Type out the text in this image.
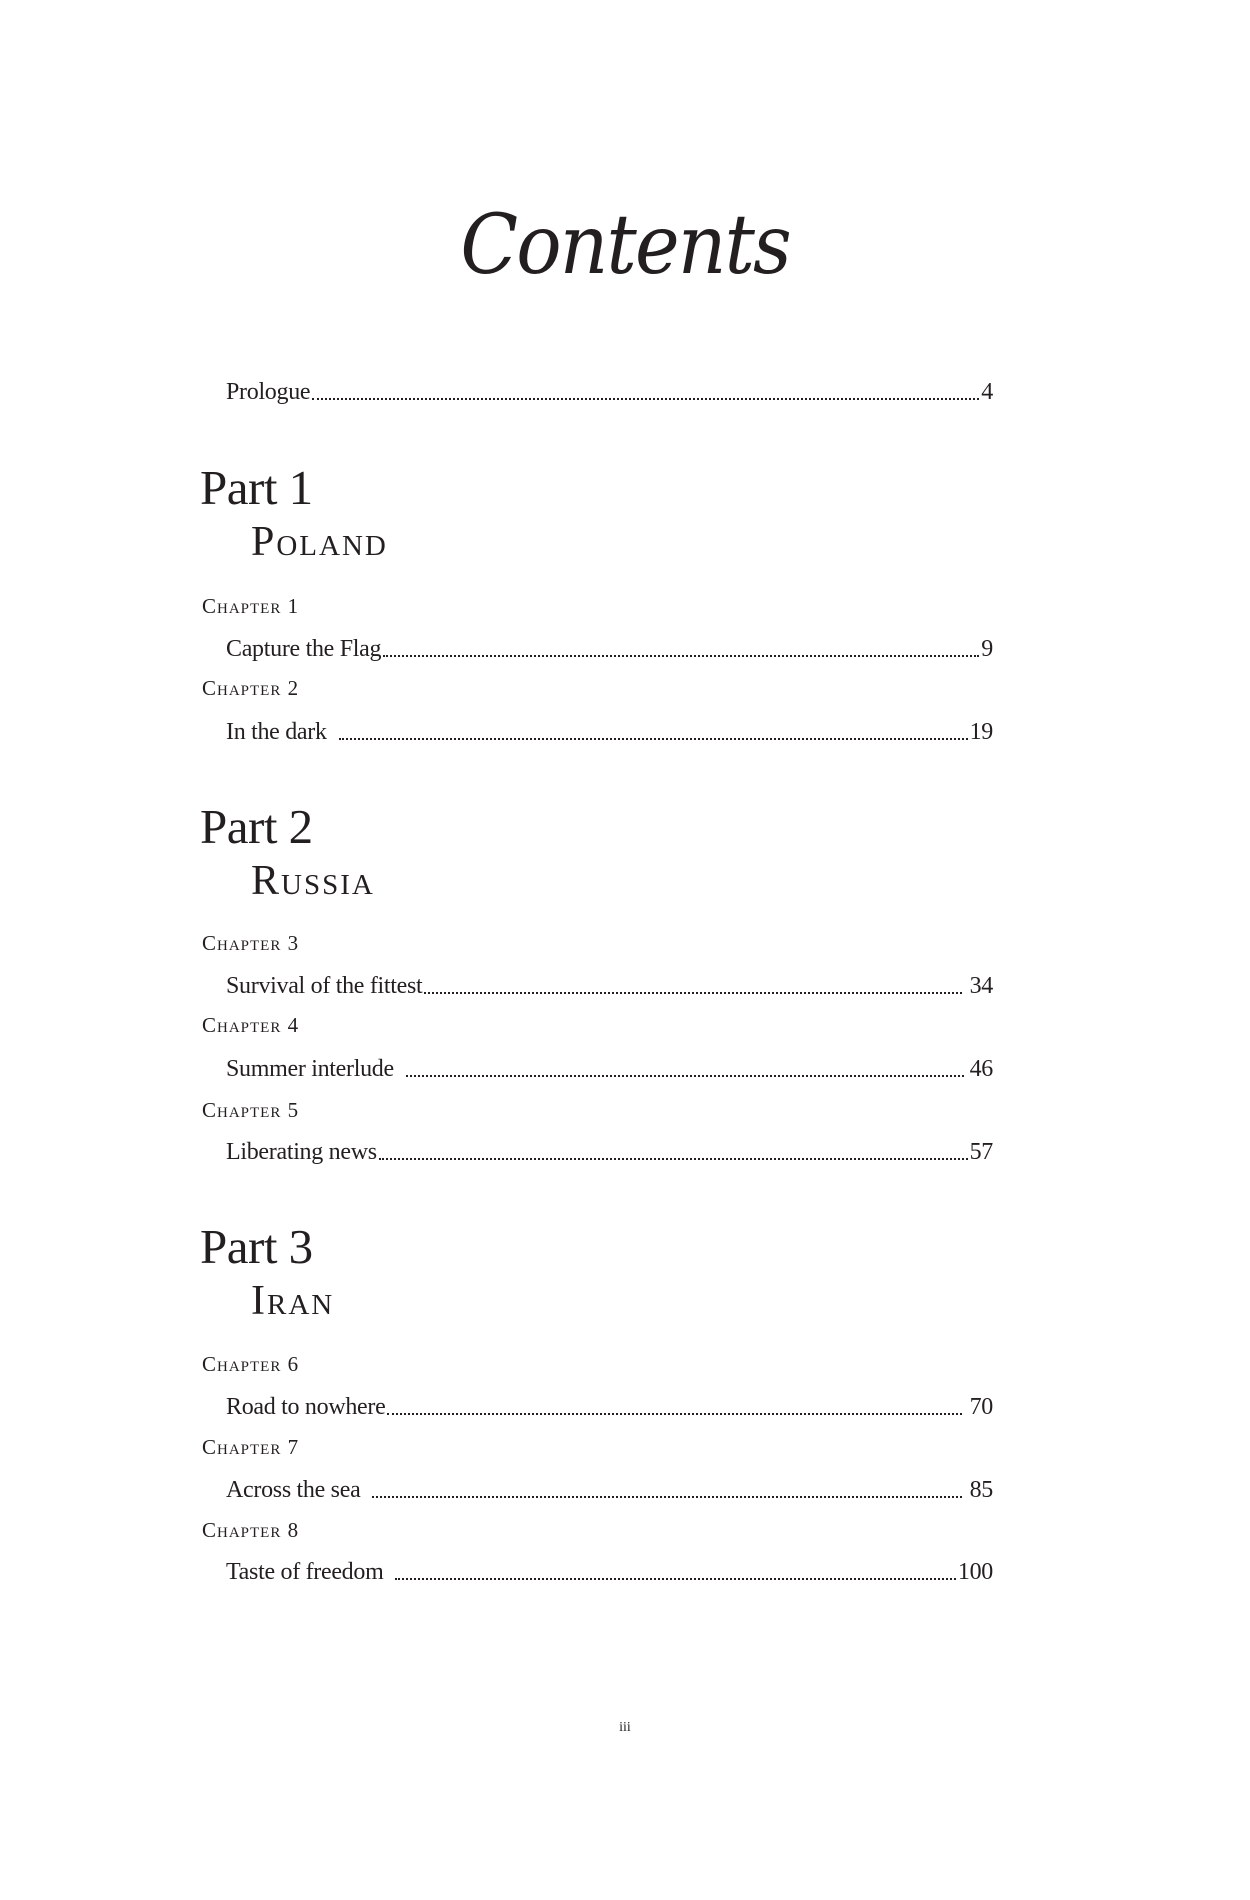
Contents
Prologue	4
Part 1
Poland
Chapter 1
Capture the Flag	9
Chapter 2
In the dark	19
Part 2
Russia
Chapter 3
Survival of the fittest	34
Chapter 4
Summer interlude	46
Chapter 5
Liberating news	57
Part 3
Iran
Chapter 6
Road to nowhere	70
Chapter 7
Across the sea	85
Chapter 8
Taste of freedom	100
iii
